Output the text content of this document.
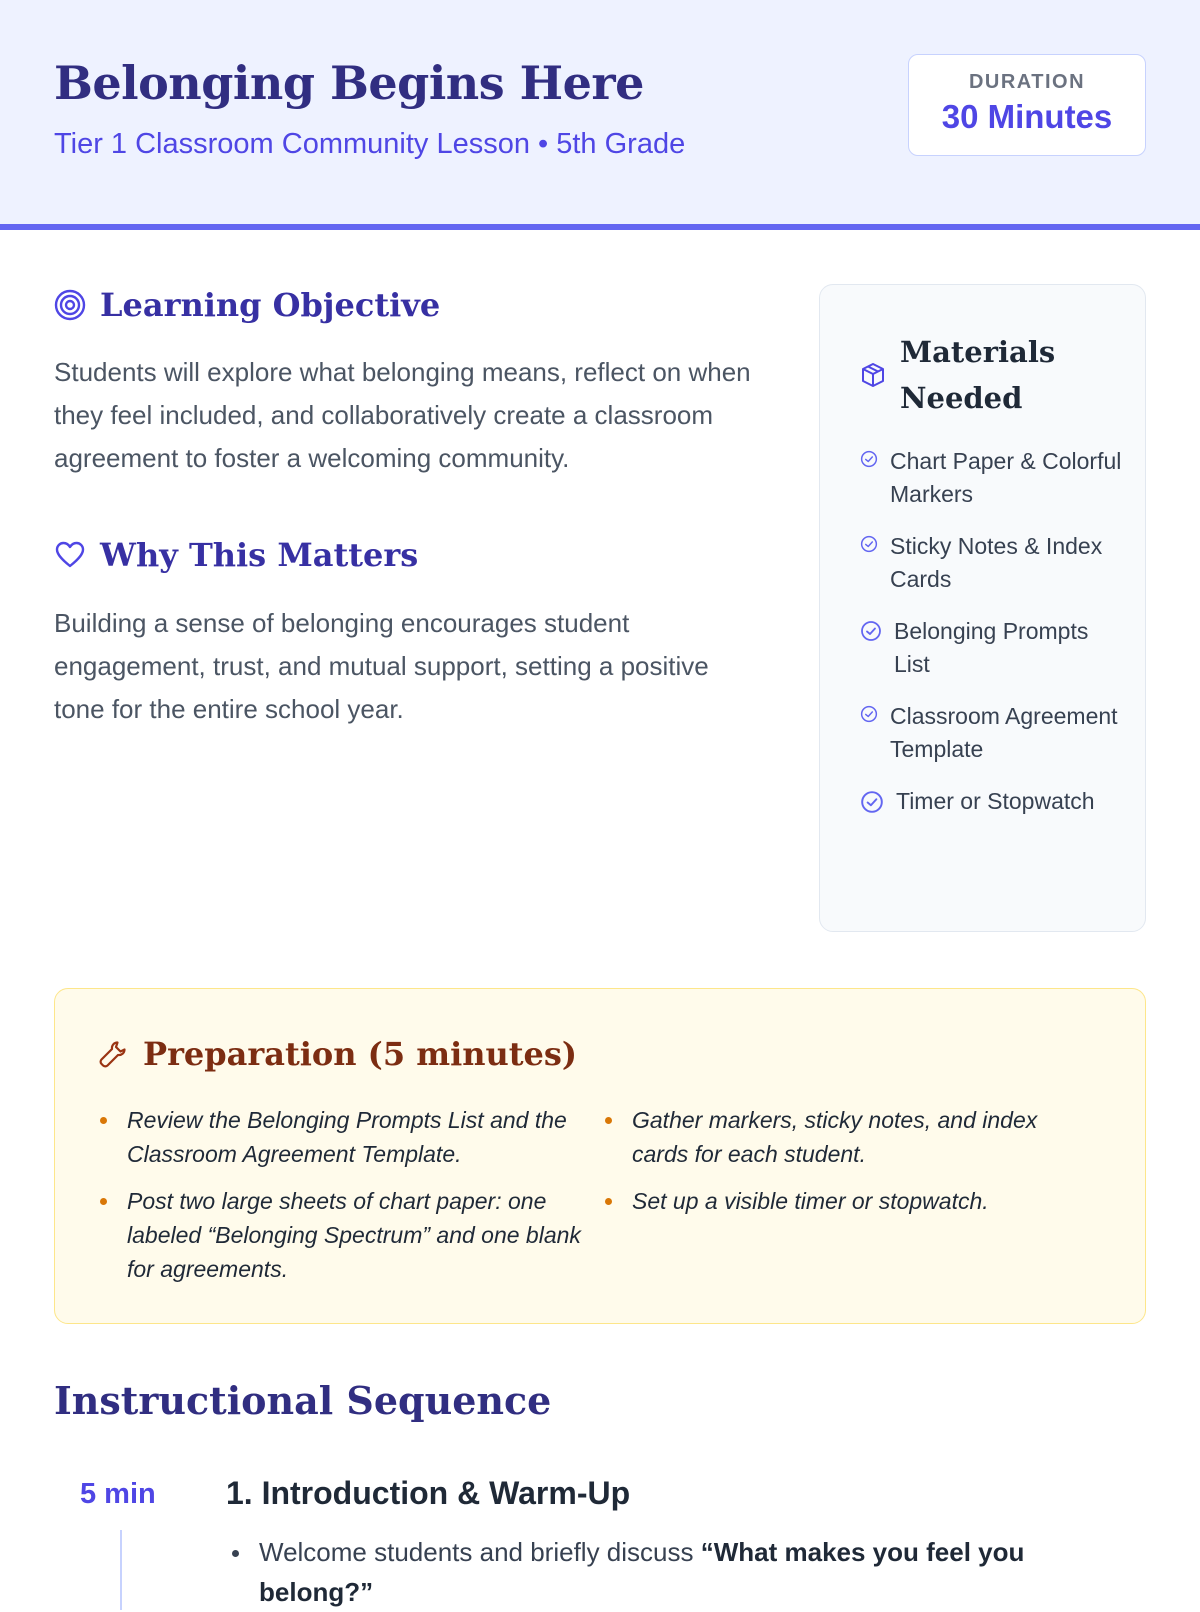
Belonging Begins Here
Tier 1 Classroom Community Lesson • 5th Grade
DURATION
30 Minutes
Learning Objective

Students will explore what belonging means, reflect on when they feel included, and collaboratively create a classroom agreement to foster a welcoming community.

Why This Matters

Building a sense of belonging encourages student engagement, trust, and mutual support, setting a positive tone for the entire school year.

Materials Needed
Chart Paper & Colorful Markers
Sticky Notes & Index Cards
Belonging Prompts List
Classroom Agreement Template
Timer or Stopwatch
Preparation (5 minutes)
Review the Belonging Prompts List and the Classroom Agreement Template.
Post two large sheets of chart paper: one labeled “Belonging Spectrum” and one blank for agreements.
Gather markers, sticky notes, and index cards for each student.
Set up a visible timer or stopwatch.
Instructional Sequence
5 min 1. Introduction & Warm-Up
Welcome students and briefly discuss “What makes you feel you belong?”
